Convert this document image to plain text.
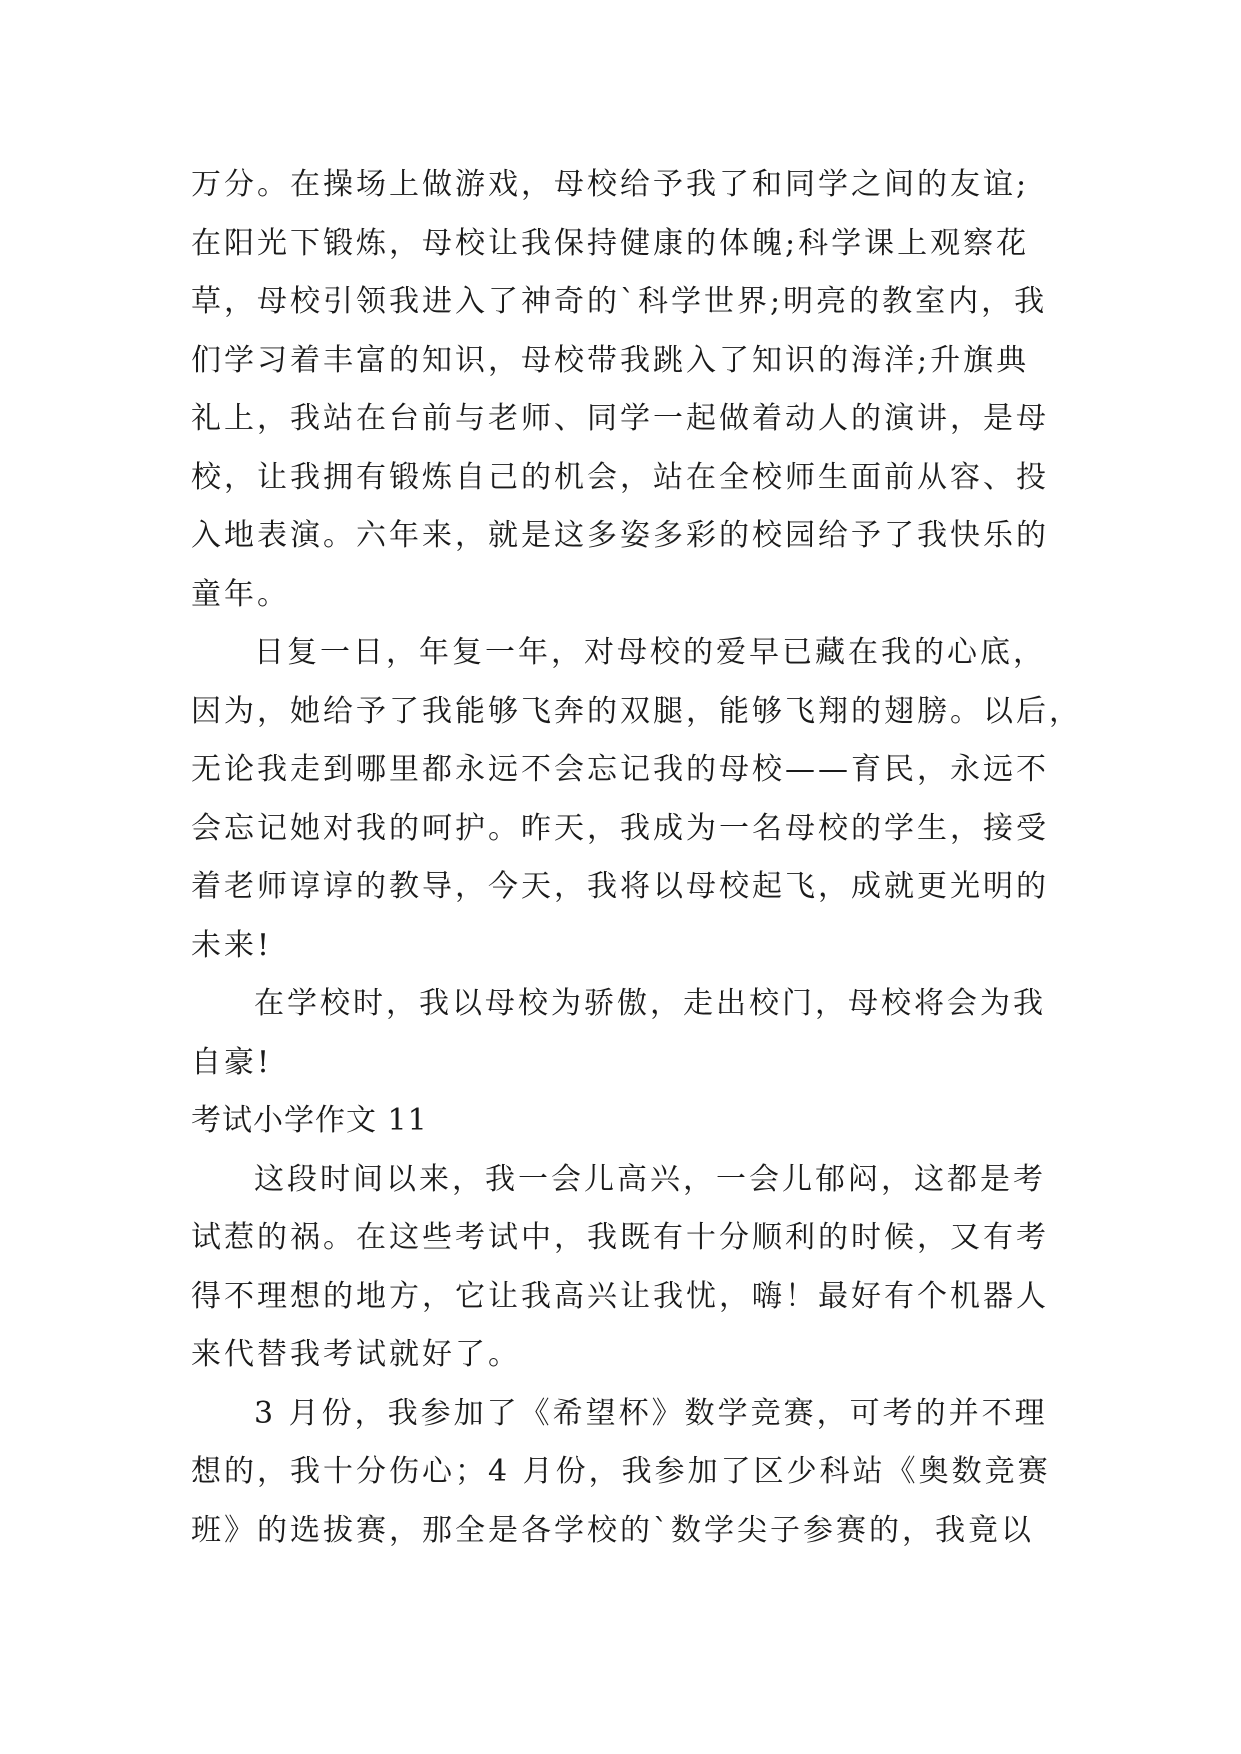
万分。在操场上做游戏，母校给予我了和同学之间的友谊;
在阳光下锻炼，母校让我保持健康的体魄;科学课上观察花
草，母校引领我进入了神奇的`科学世界;明亮的教室内，我
们学习着丰富的知识，母校带我跳入了知识的海洋;升旗典
礼上，我站在台前与老师、同学一起做着动人的演讲，是母
校，让我拥有锻炼自己的机会，站在全校师生面前从容、投
入地表演。六年来，就是这多姿多彩的校园给予了我快乐的
童年。
日复一日，年复一年，对母校的爱早已藏在我的心底，
因为，她给予了我能够飞奔的双腿，能够飞翔的翅膀。以后，
无论我走到哪里都永远不会忘记我的母校——育民，永远不
会忘记她对我的呵护。昨天，我成为一名母校的学生，接受
着老师谆谆的教导，今天，我将以母校起飞，成就更光明的
未来!
在学校时，我以母校为骄傲，走出校门，母校将会为我
自豪!
考试小学作文 11
这段时间以来，我一会儿高兴，一会儿郁闷，这都是考
试惹的祸。在这些考试中，我既有十分顺利的时候，又有考
得不理想的地方，它让我高兴让我忧，嗨！最好有个机器人
来代替我考试就好了。
3 月份，我参加了《希望杯》数学竞赛，可考的并不理
想的，我十分伤心；4 月份，我参加了区少科站《奥数竞赛
班》的选拔赛，那全是各学校的`数学尖子参赛的，我竟以
